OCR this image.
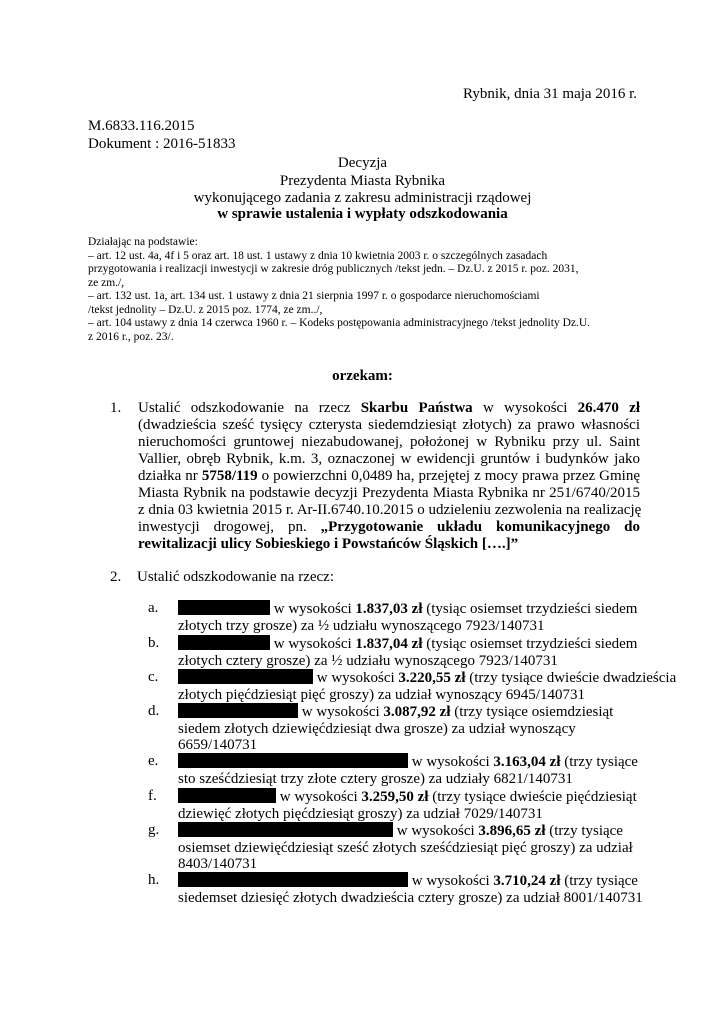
Rybnik, dnia 31 maja 2016 r.
M.6833.116.2015
Dokument : 2016-51833
Decyzja
Prezydenta Miasta Rybnika
wykonującego zadania z zakresu administracji rządowej
w sprawie ustalenia i wypłaty odszkodowania
Działając na podstawie:
– art. 12 ust. 4a, 4f i 5 oraz art. 18 ust. 1 ustawy z dnia 10 kwietnia 2003 r. o szczególnych zasadach
przygotowania i realizacji inwestycji w zakresie dróg publicznych /tekst jedn. – Dz.U. z 2015 r. poz. 2031,
ze zm./,
– art. 132 ust. 1a, art. 134 ust. 1 ustawy z dnia 21 sierpnia 1997 r. o gospodarce nieruchomościami
/tekst jednolity – Dz.U. z 2015 poz. 1774, ze zm../,
– art. 104 ustawy z dnia 14 czerwca 1960 r. – Kodeks postępowania administracyjnego /tekst jednolity Dz.U.
z 2016 r., poz. 23/.
orzekam:
1. Ustalić odszkodowanie na rzecz Skarbu Państwa w wysokości 26.470 zł
(dwadzieścia sześć tysięcy czterysta siedemdziesiąt złotych) za prawo własności
nieruchomości gruntowej niezabudowanej, położonej w Rybniku przy ul. Saint
Vallier, obręb Rybnik, k.m. 3, oznaczonej w ewidencji gruntów i budynków jako
działka nr 5758/119 o powierzchni 0,0489 ha, przejętej z mocy prawa przez Gminę
Miasta Rybnik na podstawie decyzji Prezydenta Miasta Rybnika nr 251/6740/2015
z dnia 03 kwietnia 2015 r. Ar-II.6740.10.2015 o udzieleniu zezwolenia na realizację
inwestycji drogowej, pn. „Przygotowanie układu komunikacyjnego do
rewitalizacji ulicy Sobieskiego i Powstańców Śląskich [….]”
2. Ustalić odszkodowanie na rzecz:
a.	w wysokości 1.837,03 zł (tysiąc osiemset trzydzieści siedem
złotych trzy grosze) za ½ udziału wynoszącego 7923/140731
b.	w wysokości 1.837,04 zł (tysiąc osiemset trzydzieści siedem
złotych cztery grosze) za ½ udziału wynoszącego 7923/140731
c.	w wysokości 3.220,55 zł (trzy tysiące dwieście dwadzieścia
złotych pięćdziesiąt pięć groszy) za udział wynoszący 6945/140731
d.	w wysokości 3.087,92 zł (trzy tysiące osiemdziesiąt
siedem złotych dziewięćdziesiąt dwa grosze) za udział wynoszący
6659/140731
e.	w wysokości 3.163,04 zł (trzy tysiące
sto sześćdziesiąt trzy złote cztery grosze) za udziały 6821/140731
f.	w wysokości 3.259,50 zł (trzy tysiące dwieście pięćdziesiąt
dziewięć złotych pięćdziesiąt groszy) za udział 7029/140731
g.	w wysokości 3.896,65 zł (trzy tysiące
osiemset dziewięćdziesiąt sześć złotych sześćdziesiąt pięć groszy) za udział
8403/140731
h.	w wysokości 3.710,24 zł (trzy tysiące
siedemset dziesięć złotych dwadzieścia cztery grosze) za udział 8001/140731
